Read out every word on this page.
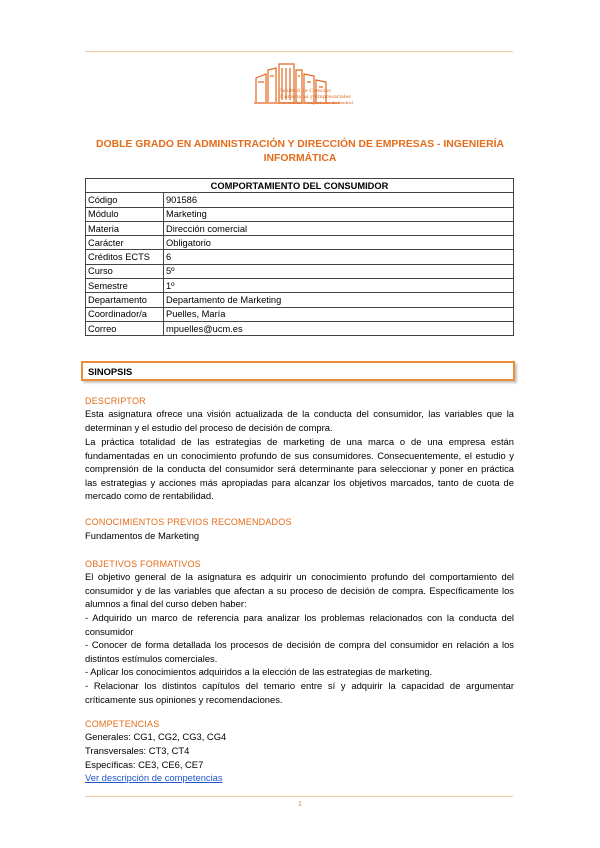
Facultad de Ciencias
Económicas y Empresariales
Universidad Complutense de Madrid
DOBLE GRADO EN ADMINISTRACIÓN Y DIRECCIÓN DE EMPRESAS - INGENIERÍA
INFORMÁTICA
COMPORTAMIENTO DEL CONSUMIDOR	
Código	901586
Módulo	Marketing
Materia	Dirección comercial
Carácter	Obligatorio
Créditos ECTS	6
Curso	5º
Semestre	1º
Departamento	Departamento de Marketing
Coordinador/a	Puelles, María
Correo	mpuelles@ucm.es
SINOPSIS
DESCRIPTOR
Esta asignatura ofrece una visión actualizada de la conducta del consumidor, las variables que la determinan y el estudio del proceso de decisión de compra.
La práctica totalidad de las estrategias de marketing de una marca o de una empresa están fundamentadas en un conocimiento profundo de sus consumidores. Consecuentemente, el estudio y comprensión de la conducta del consumidor será determinante para seleccionar y poner en práctica las estrategias y acciones más apropiadas para alcanzar los objetivos marcados, tanto de cuota de mercado como de rentabilidad.
CONOCIMIENTOS PREVIOS RECOMENDADOS
Fundamentos de Marketing
OBJETIVOS FORMATIVOS
El objetivo general de la asignatura es adquirir un conocimiento profundo del comportamiento del consumidor y de las variables que afectan a su proceso de decisión de compra. Específicamente los alumnos a final del curso deben haber:
- Adquirido un marco de referencia para analizar los problemas relacionados con la conducta del consumidor
- Conocer de forma detallada los procesos de decisión de compra del consumidor en relación a los distintos estímulos comerciales.
- Aplicar los conocimientos adquiridos a la elección de las estrategias de marketing.
- Relacionar los distintos capítulos del temario entre sí y adquirir la capacidad de argumentar críticamente sus opiniones y recomendaciones.
COMPETENCIAS
Generales: CG1, CG2, CG3, CG4
Transversales: CT3, CT4
Específicas: CE3, CE6, CE7
Ver descripción de competencias
1
